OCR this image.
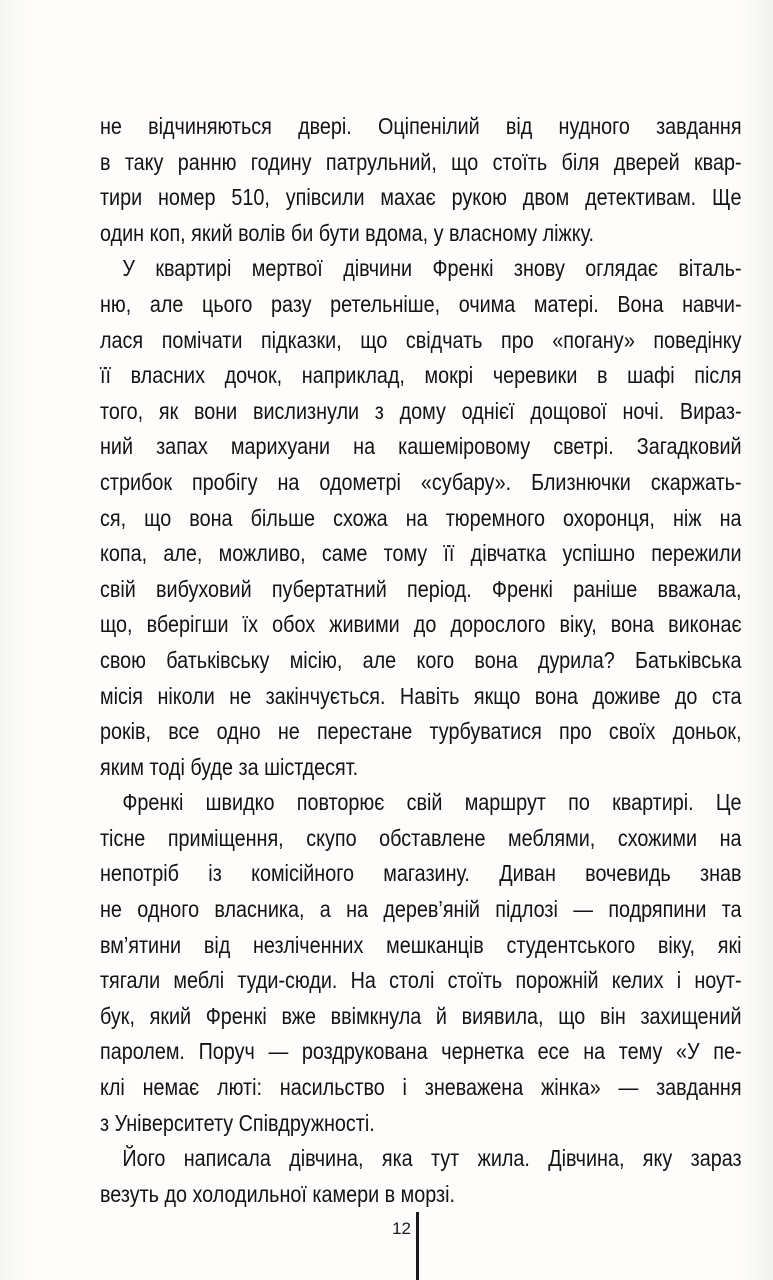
не відчиняються двері. Оціпенілий від нудного завдання
в таку ранню годину патрульний, що стоїть біля дверей квар-
тири номер 510, упівсили махає рукою двом детективам. Ще
один коп, який волів би бути вдома, у власному ліжку.
У квартирі мертвої дівчини Френкі знову оглядає віталь-
ню, але цього разу ретельніше, очима матері. Вона навчи-
лася помічати підказки, що свідчать про «погану» поведінку
її власних дочок, наприклад, мокрі черевики в шафі після
того, як вони вислизнули з дому однієї дощової ночі. Вираз-
ний запах марихуани на кашеміровому светрі. Загадковий
стрибок пробігу на одометрі «субару». Близнючки скаржать-
ся, що вона більше схожа на тюремного охоронця, ніж на
копа, але, можливо, саме тому її дівчатка успішно пережили
свій вибуховий пубертатний період. Френкі раніше вважала,
що, вберігши їх обох живими до дорослого віку, вона виконає
свою батьківську місію, але кого вона дурила? Батьківська
місія ніколи не закінчується. Навіть якщо вона доживе до ста
років, все одно не перестане турбуватися про своїх доньок,
яким тоді буде за шістдесят.
Френкі швидко повторює свій маршрут по квартирі. Це
тісне приміщення, скупо обставлене меблями, схожими на
непотріб із комісійного магазину. Диван вочевидь знав
не одного власника, а на дерев’яній підлозі — подряпини та
вм’ятини від незліченних мешканців студентського віку, які
тягали меблі туди-сюди. На столі стоїть порожній келих і ноут-
бук, який Френкі вже ввімкнула й виявила, що він захищений
паролем. Поруч — роздрукована чернетка есе на тему «У пе-
клі немає люті: насильство і зневажена жінка» — завдання
з Університету Співдружності.
Його написала дівчина, яка тут жила. Дівчина, яку зараз
везуть до холодильної камери в морзі.
12
